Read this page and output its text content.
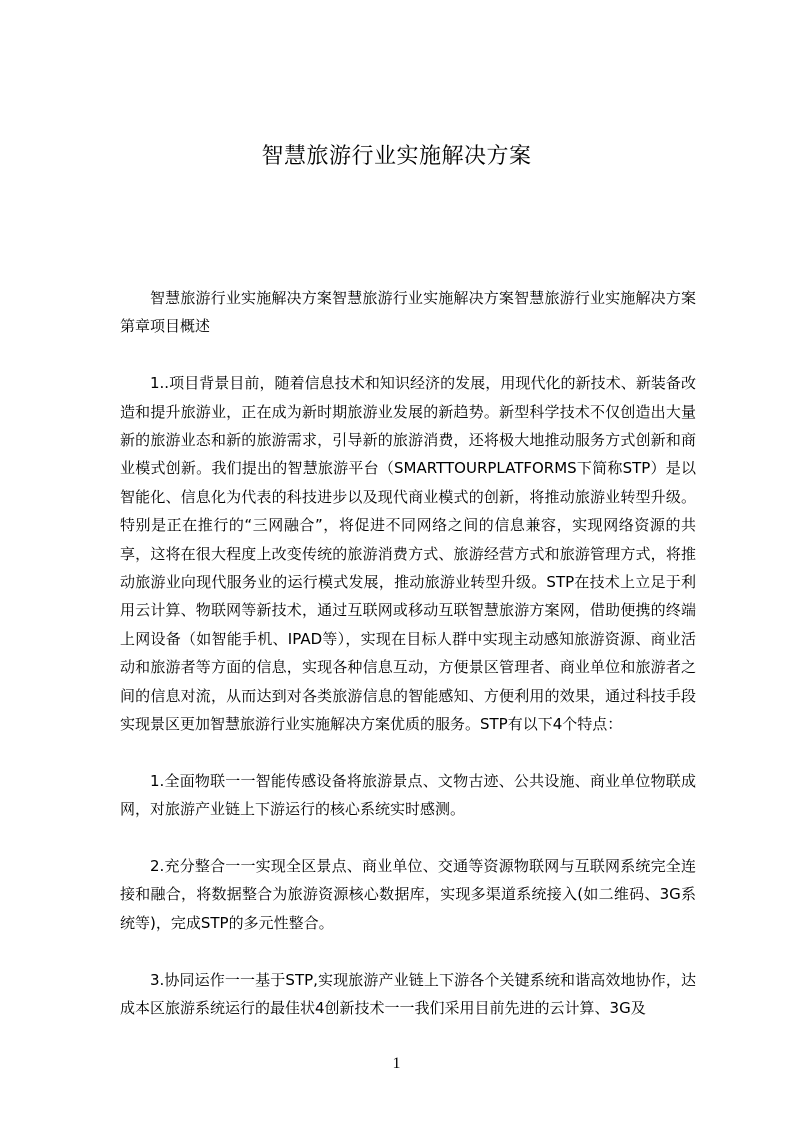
智慧旅游行业实施解决方案

智慧旅游行业实施解决方案智慧旅游行业实施解决方案智慧旅游行业实施解决方案第章项目概述

1..项目背景目前，随着信息技术和知识经济的发展，用现代化的新技术、新装备改造和提升旅游业，正在成为新时期旅游业发展的新趋势。新型科学技术不仅创造出大量新的旅游业态和新的旅游需求，引导新的旅游消费，还将极大地推动服务方式创新和商业模式创新。我们提出的智慧旅游平台（SMARTTOURPLATFORMS下简称STP）是以智能化、信息化为代表的科技进步以及现代商业模式的创新，将推动旅游业转型升级。特别是正在推行的“三网融合”，将促进不同网络之间的信息兼容，实现网络资源的共享，这将在很大程度上改变传统的旅游消费方式、旅游经营方式和旅游管理方式，将推动旅游业向现代服务业的运行模式发展，推动旅游业转型升级。STP在技术上立足于利用云计算、物联网等新技术，通过互联网或移动互联智慧旅游方案网，借助便携的终端上网设备（如智能手机、IPAD等），实现在目标人群中实现主动感知旅游资源、商业活动和旅游者等方面的信息，实现各种信息互动，方便景区管理者、商业单位和旅游者之间的信息对流，从而达到对各类旅游信息的智能感知、方便利用的效果，通过科技手段实现景区更加智慧旅游行业实施解决方案优质的服务。STP有以下4个特点：

1.全面物联一一智能传感设备将旅游景点、文物古迹、公共设施、商业单位物联成网，对旅游产业链上下游运行的核心系统实时感测。

2.充分整合一一实现全区景点、商业单位、交通等资源物联网与互联网系统完全连接和融合，将数据整合为旅游资源核心数据库，实现多渠道系统接入(如二维码、3G系统等)，完成STP的多元性整合。

3.协同运作一一基于STP,实现旅游产业链上下游各个关键系统和谐高效地协作，达成本区旅游系统运行的最佳状4创新技术一一我们采用目前先进的云计算、3G及

1
